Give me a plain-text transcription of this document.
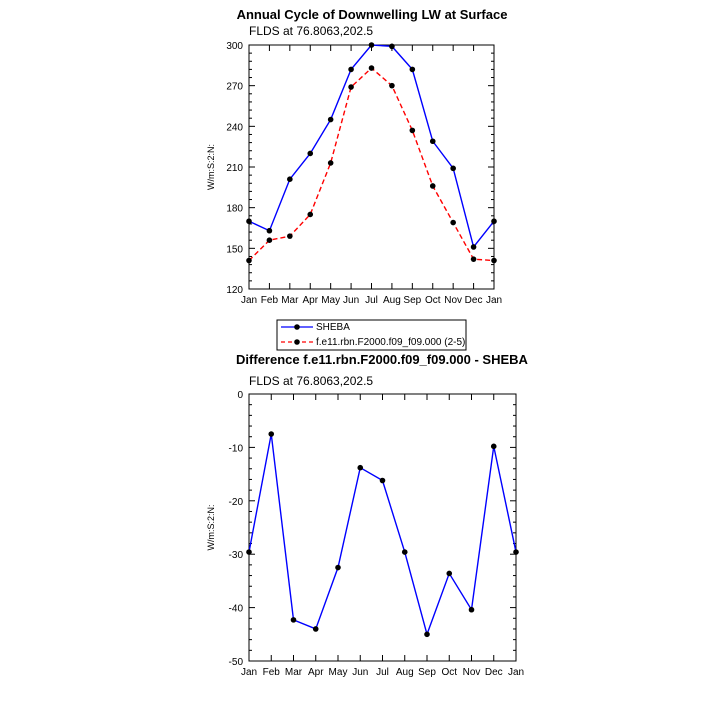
Annual Cycle of Downwelling LW at Surface
FLDS at 76.8063,202.5
Jan Feb Mar Apr May Jun Jul Aug Sep Oct Nov Dec Jan
120
150
180
210
240
270
300
W/m:S:2:N:
SHEBA
f.e11.rbn.F2000.f09_f09.000 (2-5)
Difference f.e11.rbn.F2000.f09_f09.000 - SHEBA
FLDS at 76.8063,202.5
Jan Feb Mar Apr May Jun Jul Aug Sep Oct Nov Dec Jan
-50
-40
-30
-20
-10
0
W/m:S:2:N:
